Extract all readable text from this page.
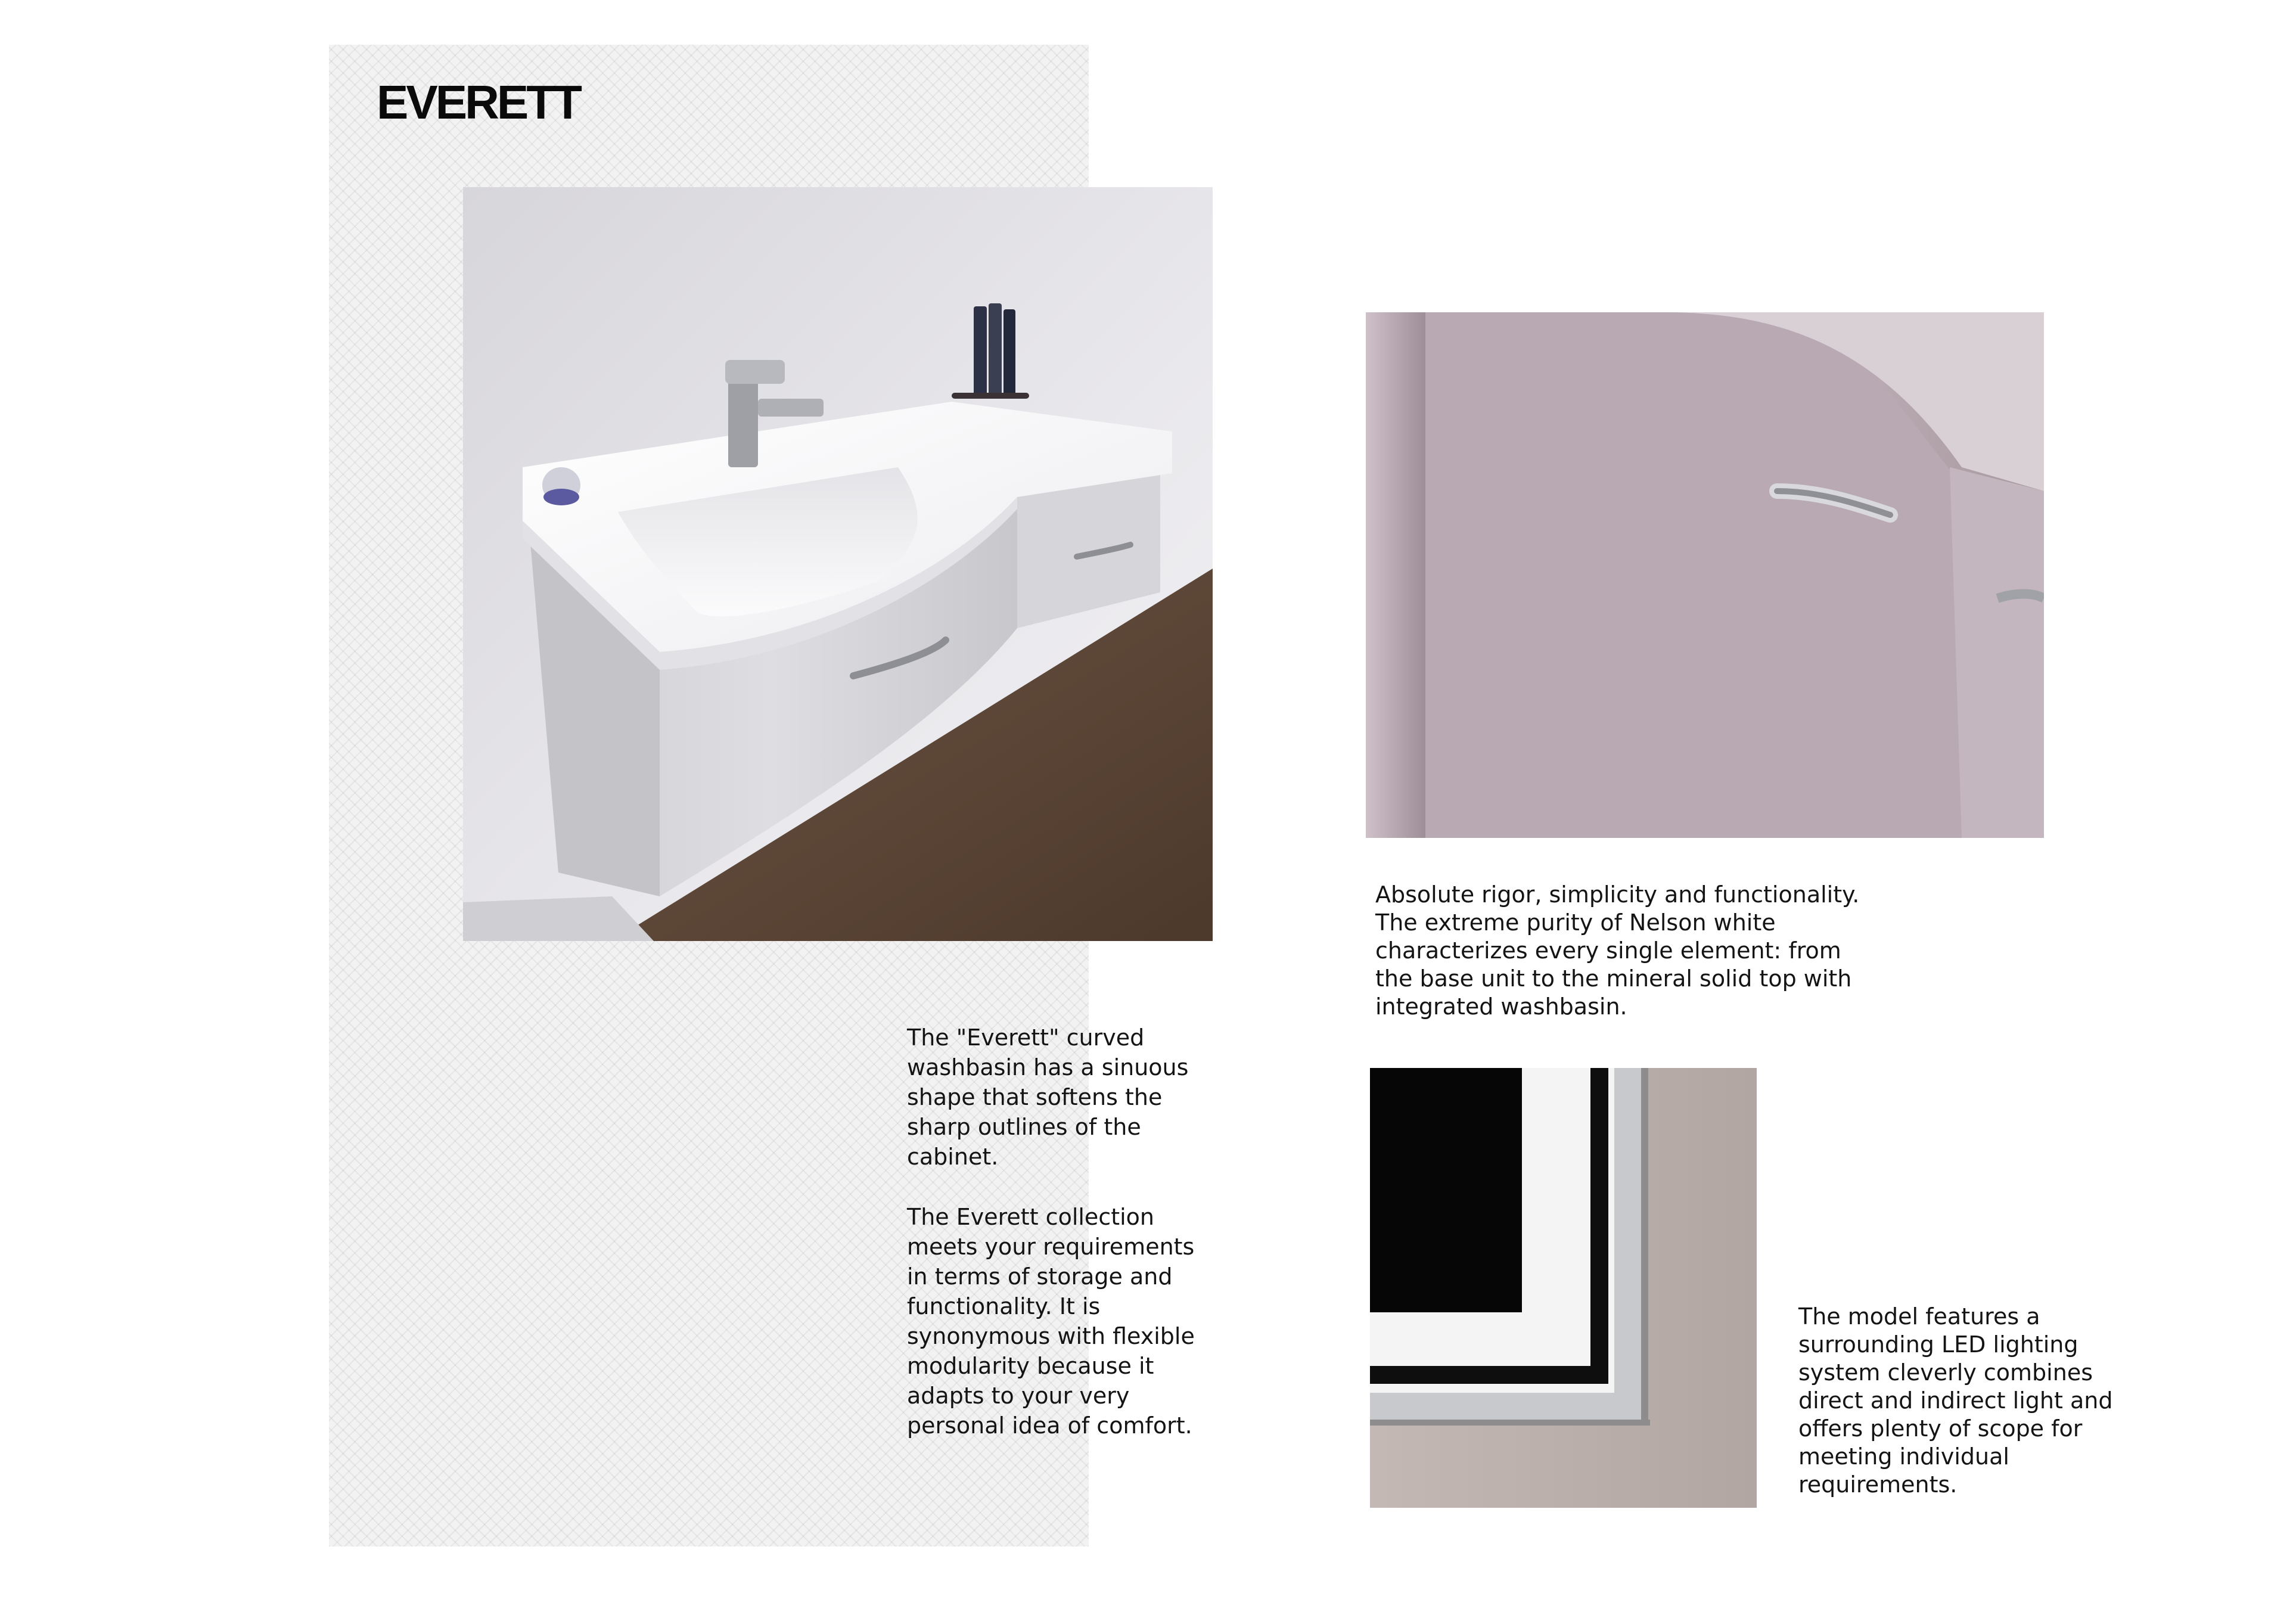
EVERETT

The "Everett" curved
washbasin has a sinuous
shape that softens the
sharp outlines of the
cabinet.

The Everett collection
meets your requirements
in terms of storage and
functionality. It is
synonymous with flexible
modularity because it
adapts to your very
personal idea of comfort.

Absolute rigor, simplicity and functionality.
The extreme purity of Nelson white
characterizes every single element: from
the base unit to the mineral solid top with
integrated washbasin.

The model features a
surrounding LED lighting
system cleverly combines
direct and indirect light and
offers plenty of scope for
meeting individual
requirements.
